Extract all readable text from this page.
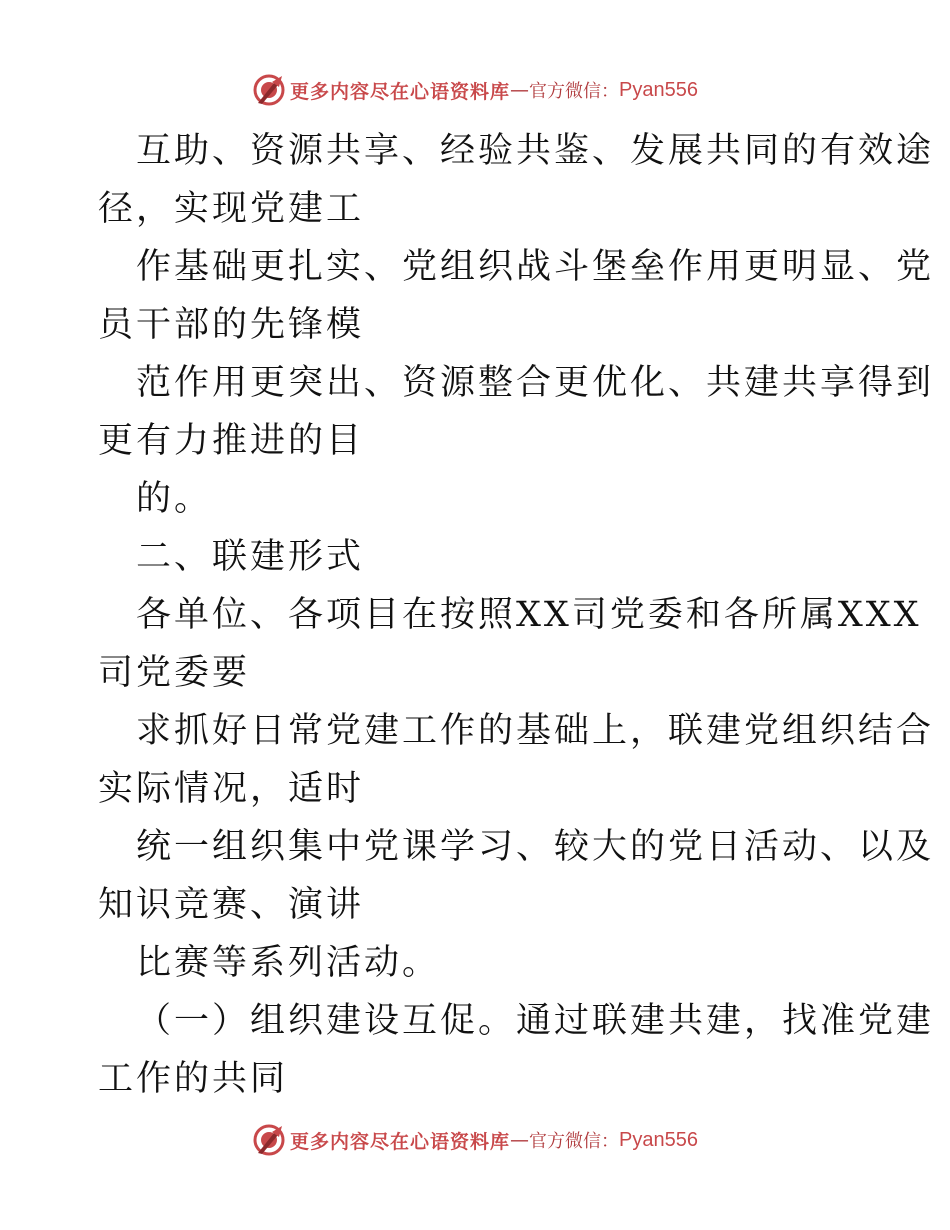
更多内容尽在心语资料库 — 官方微信： Pyan556
互助、资源共享、经验共鉴、发展共同的有效途
径，实现党建工
作基础更扎实、党组织战斗堡垒作用更明显、党
员干部的先锋模
范作用更突出、资源整合更优化、共建共享得到
更有力推进的目
的。
二、联建形式
各单位、各项目在按照XX司党委和各所属XXX
司党委要
求抓好日常党建工作的基础上，联建党组织结合
实际情况，适时
统一组织集中党课学习、较大的党日活动、以及
知识竞赛、演讲
比赛等系列活动。
（一）组织建设互促。通过联建共建，找准党建
工作的共同
更多内容尽在心语资料库 — 官方微信： Pyan556
